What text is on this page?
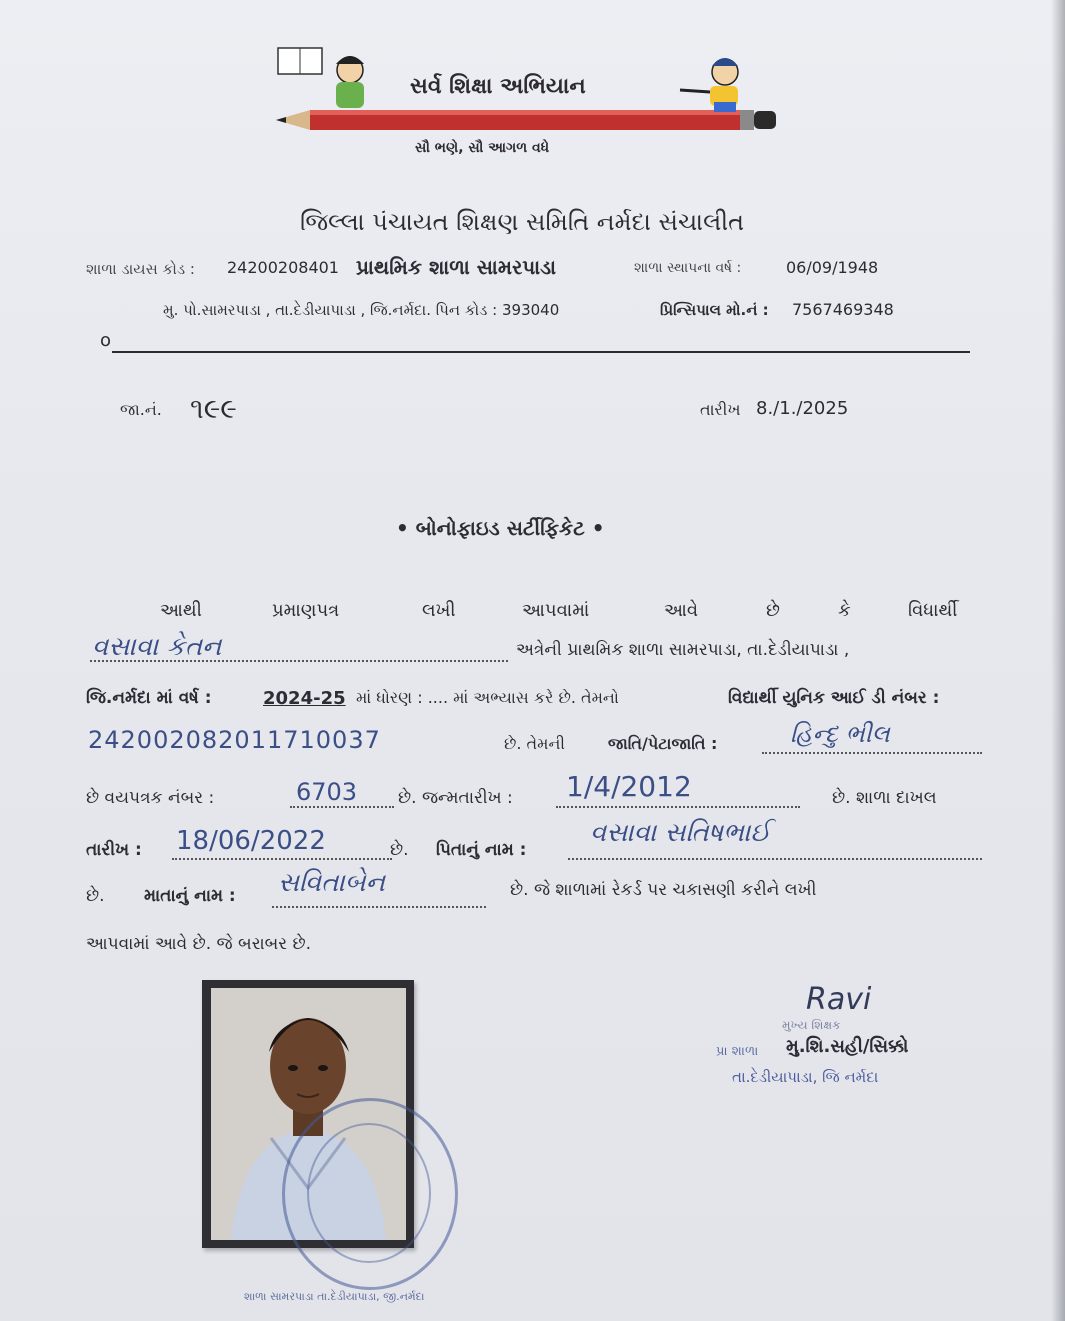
સર્વ શિક્ષા અભિયાન
સૌ ભણે, સૌ આગળ વધે
જિલ્લા પંચાયત શિક્ષણ સમિતિ નર્મદા સંચાલીત
શાળા ડાયસ કોડ : 24200208401 પ્રાથમિક શાળા સામરપાડા	શાળા સ્થાપના વર્ષ :	06/09/1948
મુ. પો.સામરપાડા , તા.દેડીયાપાડા , જિ.નર્મદા. પિન કોડ : 393040	પ્રિન્સિપાલ મો.નં : 7567469348
o
જા.નં. ૧૯૯	તારીખ 8./1./2025
• બોનોફાઇડ સર્ટીફિકેટ •
આથી	પ્રમાણપત્ર	લખી	આપવામાં	આવે	છે	કે	વિધાર્થી
વસાવા કેતન	અત્રેની પ્રાથમિક શાળા સામરપાડા, તા.દેડીયાપાડા ,
જિ.નર્મદા માં વર્ષ :	2024-25 માં ધોરણ : .... માં અભ્યાસ કરે છે. તેમનો	વિદ્યાર્થી યુનિક આઈ ડી નંબર :
242002082011710037	છે. તેમની	જાતિ/પેટાજાતિ :	હિન્દુ ભીલ
છે વયપત્રક નંબર :	6703 છે. જન્મતારીખ : 1/4/2012	છે. શાળા દાખલ
તારીખ : 18/06/2022	છે. પિતાનું નામ :
વસાવા સતિષભાઈ
છે. માતાનું નામ : સવિતાબેન	છે. જે શાળામાં રેકર્ડ પર ચકાસણી કરીને લખી
આપવામાં આવે છે. જે બરાબર છે.
શાળા સામરપાડા તા.દેડીયાપાડા, જી.નર્મદા
Ravi
મુખ્ય શિક્ષક
પ્રા શાળા મુ.શિ.સહી/સિક્કો
તા.દેડીયાપાડા, જિ નર્મદા
